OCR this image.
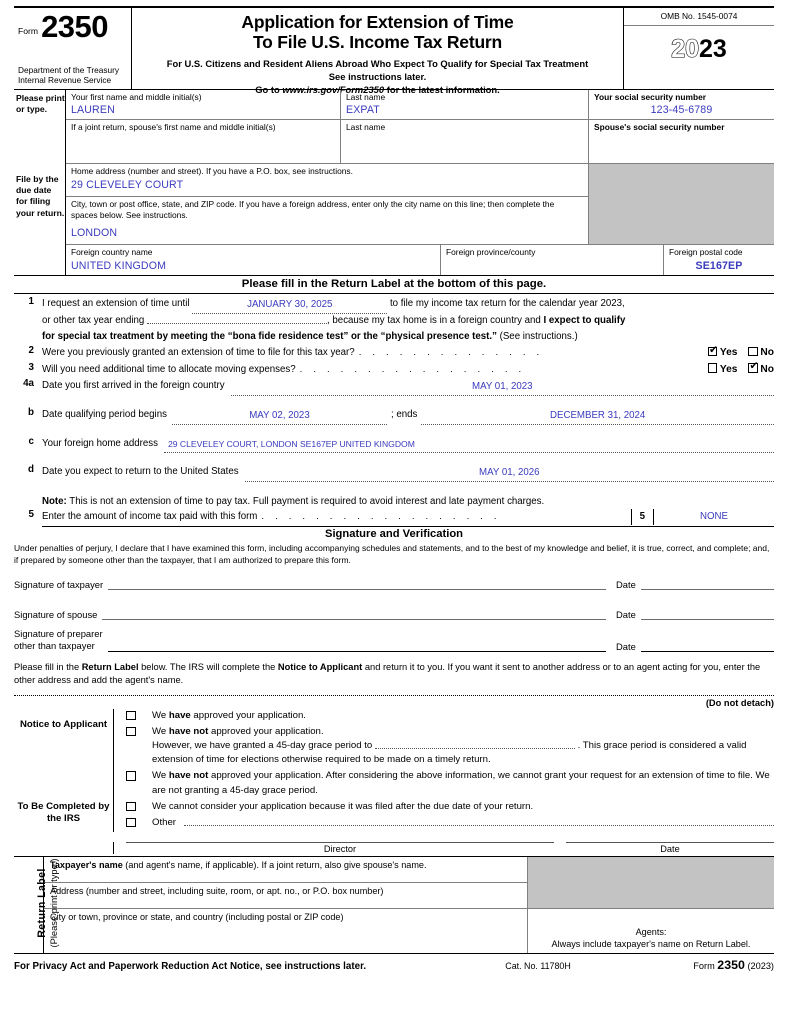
Form 2350
Department of the Treasury
Internal Revenue Service
Application for Extension of Time
To File U.S. Income Tax Return
For U.S. Citizens and Resident Aliens Abroad Who Expect To Qualify for Special Tax Treatment
See instructions later.
Go to www.irs.gov/Form2350 for the latest information.
OMB No. 1545-0074
2023
Please print or type.
File by the due date for filing your return.
Your first name and middle initial(s)
LAUREN
Last name
EXPAT
Your social security number
123-45-6789
If a joint return, spouse's first name and middle initial(s)	Last name	Spouse's social security number
Home address (number and street). If you have a P.O. box, see instructions.
29 CLEVELEY COURT
City, town or post office, state, and ZIP code. If you have a foreign address, enter only the city name on this line; then complete the spaces below. See instructions.
LONDON
Foreign country name
UNITED KINGDOM
Foreign province/county	Foreign postal code
SE167EP
Please fill in the Return Label at the bottom of this page.
1 I request an extension of time until	JANUARY 30, 2025	to file my income tax return for the calendar year 2023,
or other tax year ending	, because my tax home is in a foreign country and I expect to qualify
for special tax treatment by meeting the “bona fide residence test” or the “physical presence test.” (See instructions.)
2 Were you previously granted an extension of time to file for this tax year? . . . . . . . . . . . . . . ✔	Yes No
3 Will you need additional time to allocate moving expenses? . . . . . . . . . . . . . . . . .	Yes ✔ No
4a Date you first arrived in the foreign country	MAY 01, 2023
b Date qualifying period begins	MAY 02, 2023	; ends	DECEMBER 31, 2024
c Your foreign home address	29 CLEVELEY COURT, LONDON SE167EP UNITED KINGDOM
d Date you expect to return to the United States	MAY 01, 2026
Note: This is not an extension of time to pay tax. Full payment is required to avoid interest and late payment charges.
5 Enter the amount of income tax paid with this form . . . . . . . . . . . . . . . . . .	5	NONE
Signature and Verification
Under penalties of perjury, I declare that I have examined this form, including accompanying schedules and statements, and to the best of my knowledge and belief, it is true, correct, and complete; and, if prepared by someone other than the taxpayer, that I am authorized to prepare this form.
Signature of taxpayer	Date
Signature of spouse	Date
Signature of preparer
other than taxpayer	Date
Please fill in the Return Label below. The IRS will complete the Notice to Applicant and return it to you. If you want it sent to another address or to an agent acting for you, enter the other address and add the agent's name.
(Do not detach)
Notice to Applicant
To Be Completed by the IRS
We have approved your application.
We have not approved your application.
However, we have granted a 45-day grace period to	. This grace period is considered a valid extension of time for elections otherwise required to be made on a timely return.
We have not approved your application. After considering the above information, we cannot grant your request for an extension of time to file. We are not granting a 45-day grace period.
We cannot consider your application because it was filed after the due date of your return.
Other
Director	Date
Return Label (Please print or type.)
Taxpayer's name (and agent's name, if applicable). If a joint return, also give spouse's name.
Address (number and street, including suite, room, or apt. no., or P.O. box number)
City or town, province or state, and country (including postal or ZIP code)
Agents:
Always include taxpayer's name on Return Label.
For Privacy Act and Paperwork Reduction Act Notice, see instructions later.	Cat. No. 11780H	Form 2350 (2023)
